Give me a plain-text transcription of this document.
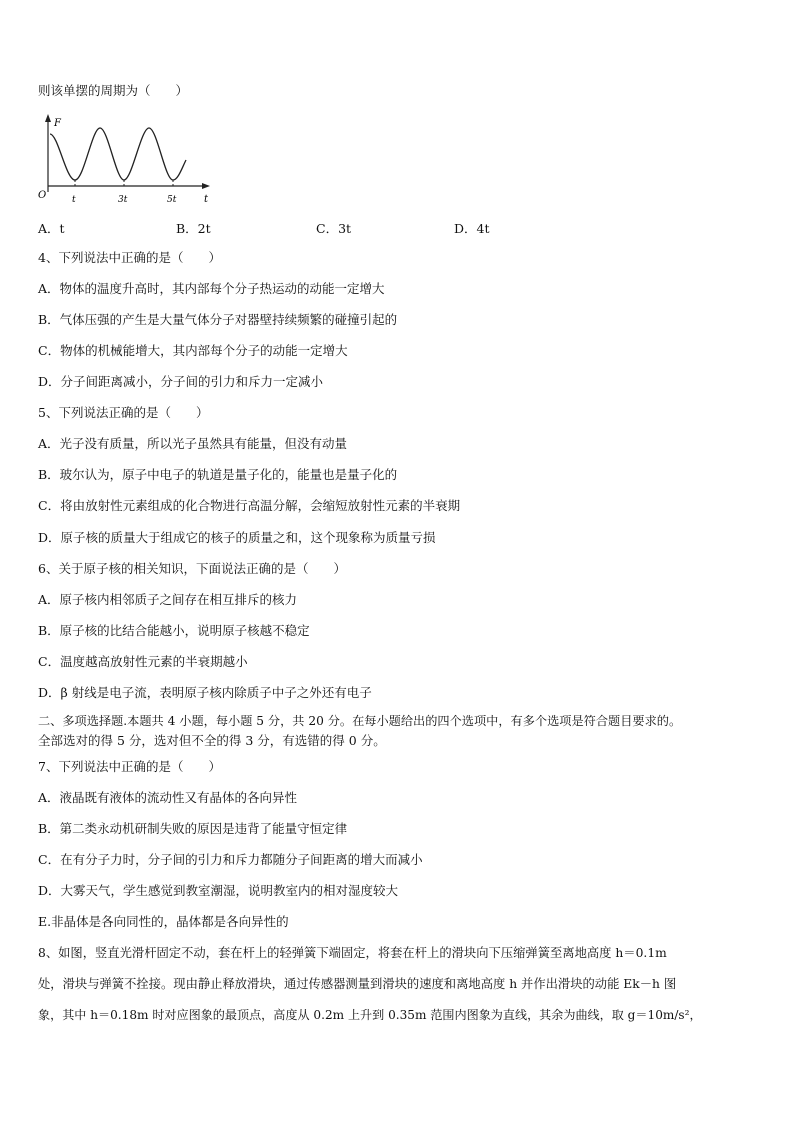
则该单摆的周期为（　　）
F
O	t
t	3t	5t
A．t	B．2t	C．3t	D．4t
4、下列说法中正确的是（　　）
A．物体的温度升高时，其内部每个分子热运动的动能一定增大
B．气体压强的产生是大量气体分子对器壁持续频繁的碰撞引起的
C．物体的机械能增大，其内部每个分子的动能一定增大
D．分子间距离减小，分子间的引力和斥力一定减小
5、下列说法正确的是（　　）
A．光子没有质量，所以光子虽然具有能量，但没有动量
B．玻尔认为，原子中电子的轨道是量子化的，能量也是量子化的
C．将由放射性元素组成的化合物进行高温分解，会缩短放射性元素的半衰期
D．原子核的质量大于组成它的核子的质量之和，这个现象称为质量亏损
6、关于原子核的相关知识，下面说法正确的是（　　）
A．原子核内相邻质子之间存在相互排斥的核力
B．原子核的比结合能越小，说明原子核越不稳定
C．温度越高放射性元素的半衰期越小
D．β 射线是电子流，表明原子核内除质子中子之外还有电子
二、多项选择题.本题共 4 小题，每小题 5 分，共 20 分。在每小题给出的四个选项中，有多个选项是符合题目要求的。
全部选对的得 5 分，选对但不全的得 3 分，有选错的得 0 分。
7、下列说法中正确的是（　　）
A．液晶既有液体的流动性又有晶体的各向异性
B．第二类永动机研制失败的原因是违背了能量守恒定律
C．在有分子力时，分子间的引力和斥力都随分子间距离的增大而减小
D．大雾天气，学生感觉到教室潮湿，说明教室内的相对湿度较大
E.非晶体是各向同性的，晶体都是各向异性的
8、如图，竖直光滑杆固定不动，套在杆上的轻弹簧下端固定，将套在杆上的滑块向下压缩弹簧至离地高度 h＝0.1m
处，滑块与弹簧不拴接。现由静止释放滑块，通过传感器测量到滑块的速度和离地高度 h 并作出滑块的动能 Ek－h 图
象，其中 h＝0.18m 时对应图象的最顶点，高度从 0.2m 上升到 0.35m 范围内图象为直线，其余为曲线，取 g＝10m/s²，
